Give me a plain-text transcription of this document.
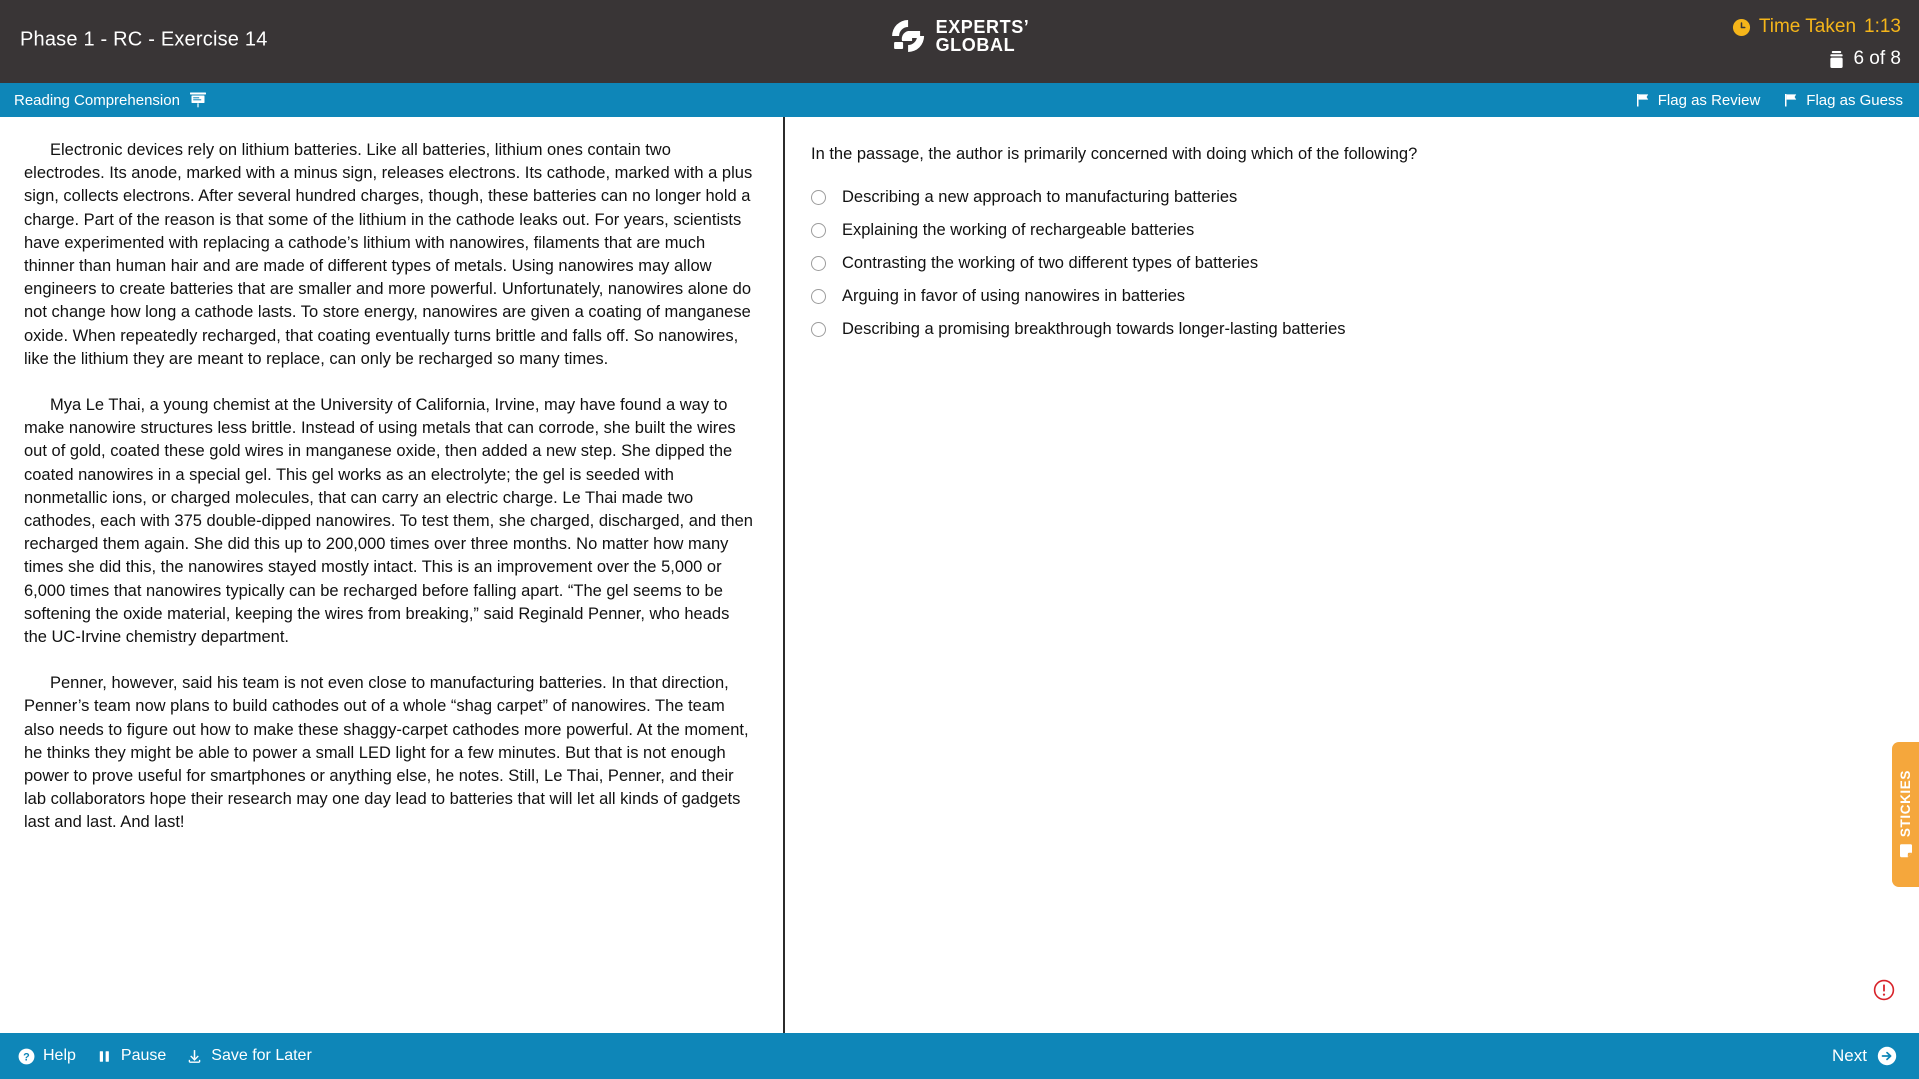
Phase 1 - RC - Exercise 14
EXPERTS’
GLOBAL
Time Taken 1:13
6 of 8
Reading Comprehension	Flag as Review	Flag as Guess

Electronic devices rely on lithium batteries. Like all batteries, lithium ones contain two electrodes. Its anode, marked with a minus sign, releases electrons. Its cathode, marked with a plus sign, collects electrons. After several hundred charges, though, these batteries can no longer hold a charge. Part of the reason is that some of the lithium in the cathode leaks out. For years, scientists have experimented with replacing a cathode’s lithium with nanowires, filaments that are much thinner than human hair and are made of different types of metals. Using nanowires may allow engineers to create batteries that are smaller and more powerful. Unfortunately, nanowires alone do not change how long a cathode lasts. To store energy, nanowires are given a coating of manganese oxide. When repeatedly recharged, that coating eventually turns brittle and falls off. So nanowires, like the lithium they are meant to replace, can only be recharged so many times.

Mya Le Thai, a young chemist at the University of California, Irvine, may have found a way to make nanowire structures less brittle. Instead of using metals that can corrode, she built the wires out of gold, coated these gold wires in manganese oxide, then added a new step. She dipped the coated nanowires in a special gel. This gel works as an electrolyte; the gel is seeded with nonmetallic ions, or charged molecules, that can carry an electric charge. Le Thai made two cathodes, each with 375 double-dipped nanowires. To test them, she charged, discharged, and then recharged them again. She did this up to 200,000 times over three months. No matter how many times she did this, the nanowires stayed mostly intact. This is an improvement over the 5,000 or 6,000 times that nanowires typically can be recharged before falling apart. “The gel seems to be softening the oxide material, keeping the wires from breaking,” said Reginald Penner, who heads the UC-Irvine chemistry department.

Penner, however, said his team is not even close to manufacturing batteries. In that direction, Penner’s team now plans to build cathodes out of a whole “shag carpet” of nanowires. The team also needs to figure out how to make these shaggy-carpet cathodes more powerful. At the moment, he thinks they might be able to power a small LED light for a few minutes. But that is not enough power to prove useful for smartphones or anything else, he notes. Still, Le Thai, Penner, and their lab collaborators hope their research may one day lead to batteries that will let all kinds of gadgets last and last. And last!

In the passage, the author is primarily concerned with doing which of the following?
Describing a new approach to manufacturing batteries
Explaining the working of rechargeable batteries
Contrasting the working of two different types of batteries
Arguing in favor of using nanowires in batteries
Describing a promising breakthrough towards longer-lasting batteries
STICKIES
? Help	Pause	Save for Later	Next
